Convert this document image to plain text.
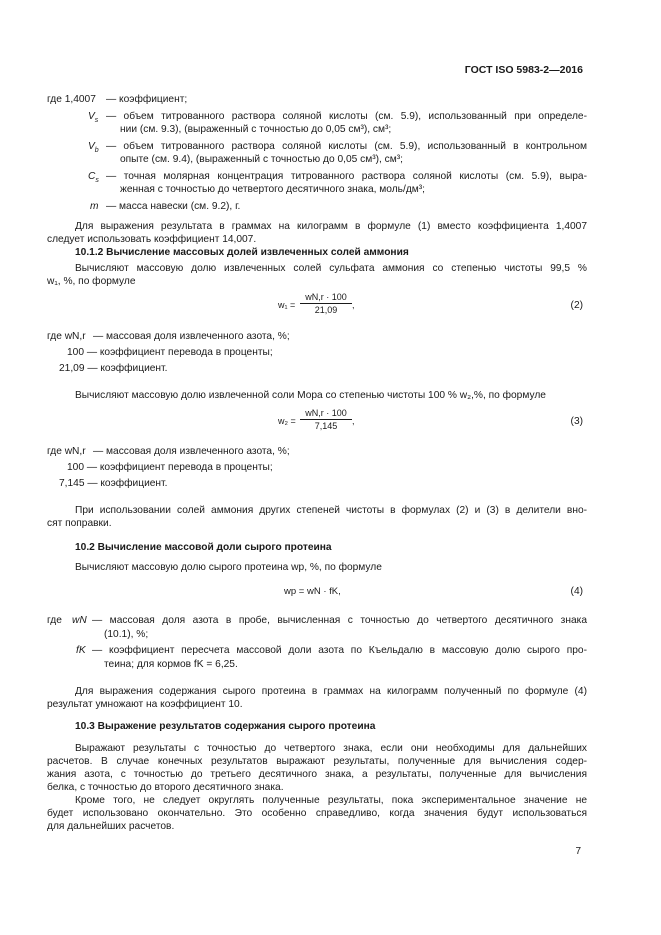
ГОСТ ISO 5983-2—2016
где 1,4007 — коэффициент;
$V_s$ — объем титрованного раствора соляной кислоты (см. 5.9), использованный при определе-
нии (см. 9.3), (выраженный с точностью до 0,05 см³), см³;
$V_b$ — объем титрованного раствора соляной кислоты (см. 5.9), использованный в контрольном
опыте (см. 9.4), (выраженный с точностью до 0,05 см³), см³;
$C_s$ — точная молярная концентрация титрованного раствора соляной кислоты (см. 5.9), выра-
женная с точностью до четвертого десятичного знака, моль/дм³;
m — масса навески (см. 9.2), г.
Для выражения результата в граммах на килограмм в формуле (1) вместо коэффициента 1,4007
следует использовать коэффициент 14,007.
10.1.2 Вычисление массовых долей извлеченных солей аммония
Вычисляют массовую долю извлеченных солей сульфата аммония со степенью чистоты 99,5 %
w₁, %, по формуле
$w_1 = \frac{wN,r \cdot 100}{21,09}$ ,	(2)
где wN,r — массовая доля извлеченного азота, %;
100 — коэффициент перевода в проценты;
21,09 — коэффициент.
Вычисляют массовую долю извлеченной соли Мора со степенью чистоты 100 % w₂,%, по формуле
$w_2 = \frac{wN,r \cdot 100}{7,145}$ ,	(3)
где wN,r — массовая доля извлеченного азота, %;
100 — коэффициент перевода в проценты;
7,145 — коэффициент.
При использовании солей аммония других степеней чистоты в формулах (2) и (3) в делители вно-
сят поправки.
10.2 Вычисление массовой доли сырого протеина
Вычисляют массовую долю сырого протеина wp, %, по формуле
wp = wN · fK,	(4)
где wN — массовая доля азота в пробе, вычисленная с точностью до четвертого десятичного знака
(10.1), %;
fK — коэффициент пересчета массовой доли азота по Къельдалю в массовую долю сырого про-
теина; для кормов fK = 6,25.
Для выражения содержания сырого протеина в граммах на килограмм полученный по формуле (4)
результат умножают на коэффициент 10.
10.3 Выражение результатов содержания сырого протеина
Выражают результаты с точностью до четвертого знака, если они необходимы для дальнейших
расчетов. В случае конечных результатов выражают результаты, полученные для вычисления содер-
жания азота, с точностью до третьего десятичного знака, а результаты, полученные для вычисления
белка, с точностью до второго десятичного знака.
Кроме того, не следует округлять полученные результаты, пока экспериментальное значение не
будет использовано окончательно. Это особенно справедливо, когда значения будут использоваться
для дальнейших расчетов.
7
